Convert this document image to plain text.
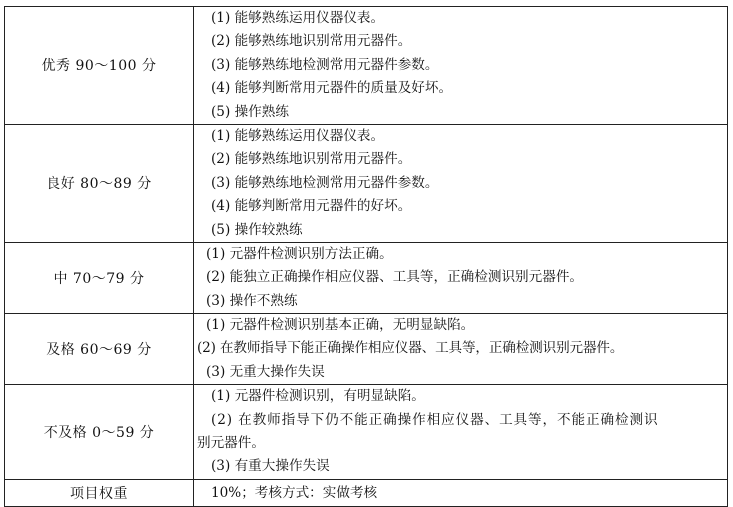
优秀 90～100 分	(1) 能够熟练运用仪器仪表。
(2) 能够熟练地识别常用元器件。
(3) 能够熟练地检测常用元器件参数。
(4) 能够判断常用元器件的质量及好坏。
(5) 操作熟练

良好 80～89 分	(1) 能够熟练运用仪器仪表。
(2) 能够熟练地识别常用元器件。
(3) 能够熟练地检测常用元器件参数。
(4) 能够判断常用元器件的好坏。
(5) 操作较熟练

中 70～79 分	(1) 元器件检测识别方法正确。
(2) 能独立正确操作相应仪器、工具等，正确检测识别元器件。
(3) 操作不熟练

及格 60～69 分	(1) 元器件检测识别基本正确，无明显缺陷。
(2) 在教师指导下能正确操作相应仪器、工具等，正确检测识别元器件。
(3) 无重大操作失误

不及格 0～59 分	(1) 元器件检测识别，有明显缺陷。
(2) 在教师指导下仍不能正确操作相应仪器、工具等，不能正确检测识
别元器件。
(3) 有重大操作失误

项目权重	10%；考核方式：实做考核
